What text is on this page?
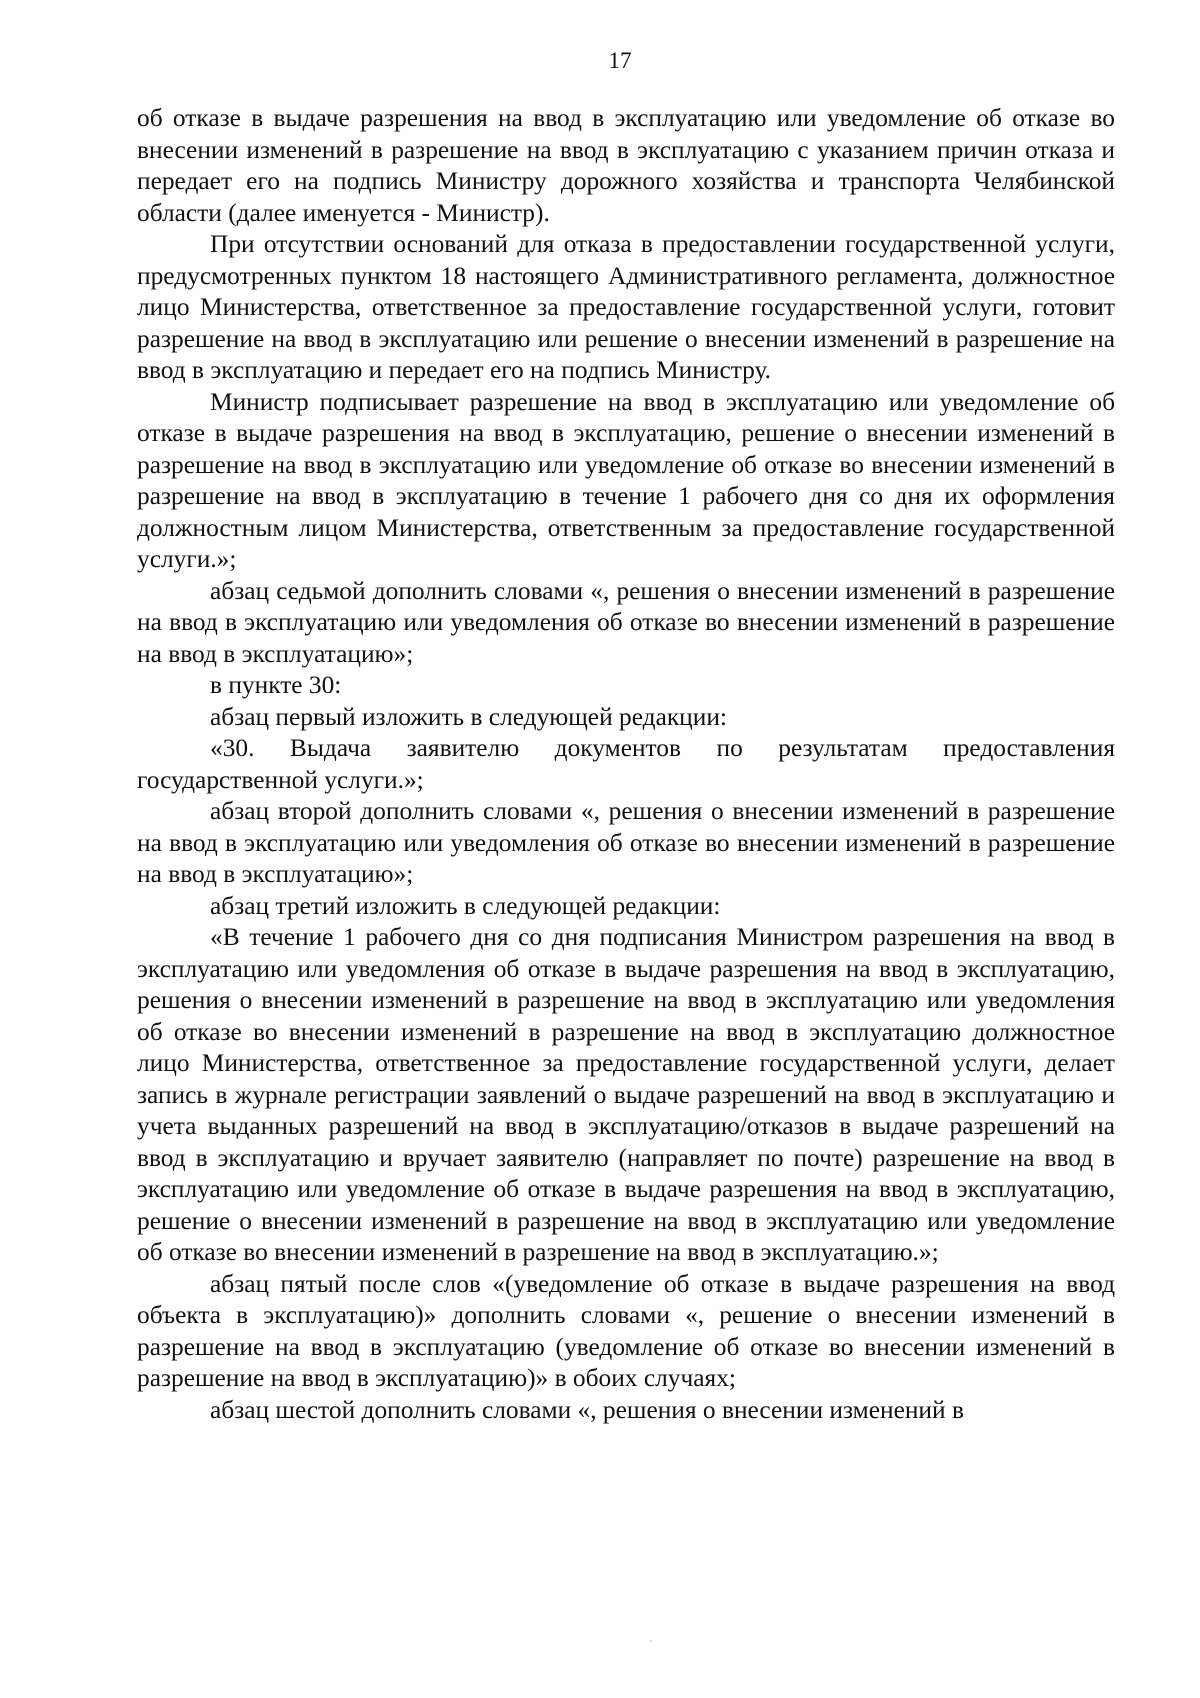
17

об отказе в выдаче разрешения на ввод в эксплуатацию или уведомление об отказе во внесении изменений в разрешение на ввод в эксплуатацию с указанием причин отказа и передает его на подпись Министру дорожного хозяйства и транспорта Челябинской области (далее именуется - Министр).

При отсутствии оснований для отказа в предоставлении государственной услуги, предусмотренных пунктом 18 настоящего Административного регламента, должностное лицо Министерства, ответственное за предоставление государственной услуги, готовит разрешение на ввод в эксплуатацию или решение о внесении изменений в разрешение на ввод в эксплуатацию и передает его на подпись Министру.

Министр подписывает разрешение на ввод в эксплуатацию или уведомление об отказе в выдаче разрешения на ввод в эксплуатацию, решение о внесении изменений в разрешение на ввод в эксплуатацию или уведомление об отказе во внесении изменений в разрешение на ввод в эксплуатацию в течение 1 рабочего дня со дня их оформления должностным лицом Министерства, ответственным за предоставление государственной услуги.»;

абзац седьмой дополнить словами «, решения о внесении изменений в разрешение на ввод в эксплуатацию или уведомления об отказе во внесении изменений в разрешение на ввод в эксплуатацию»;

в пункте 30:

абзац первый изложить в следующей редакции:

«30. Выдача заявителю документов по результатам предоставления государственной услуги.»;

абзац второй дополнить словами «, решения о внесении изменений в разрешение на ввод в эксплуатацию или уведомления об отказе во внесении изменений в разрешение на ввод в эксплуатацию»;

абзац третий изложить в следующей редакции:

«В течение 1 рабочего дня со дня подписания Министром разрешения на ввод в эксплуатацию или уведомления об отказе в выдаче разрешения на ввод в эксплуатацию, решения о внесении изменений в разрешение на ввод в эксплуатацию или уведомления об отказе во внесении изменений в разрешение на ввод в эксплуатацию должностное лицо Министерства, ответственное за предоставление государственной услуги, делает запись в журнале регистрации заявлений о выдаче разрешений на ввод в эксплуатацию и учета выданных разрешений на ввод в эксплуатацию/отказов в выдаче разрешений на ввод в эксплуатацию и вручает заявителю (направляет по почте) разрешение на ввод в эксплуатацию или уведомление об отказе в выдаче разрешения на ввод в эксплуатацию, решение о внесении изменений в разрешение на ввод в эксплуатацию или уведомление об отказе во внесении изменений в разрешение на ввод в эксплуатацию.»;

абзац пятый после слов «(уведомление об отказе в выдаче разрешения на ввод объекта в эксплуатацию)» дополнить словами «, решение о внесении изменений в разрешение на ввод в эксплуатацию (уведомление об отказе во внесении изменений в разрешение на ввод в эксплуатацию)» в обоих случаях;

абзац шестой дополнить словами «, решения о внесении изменений в
